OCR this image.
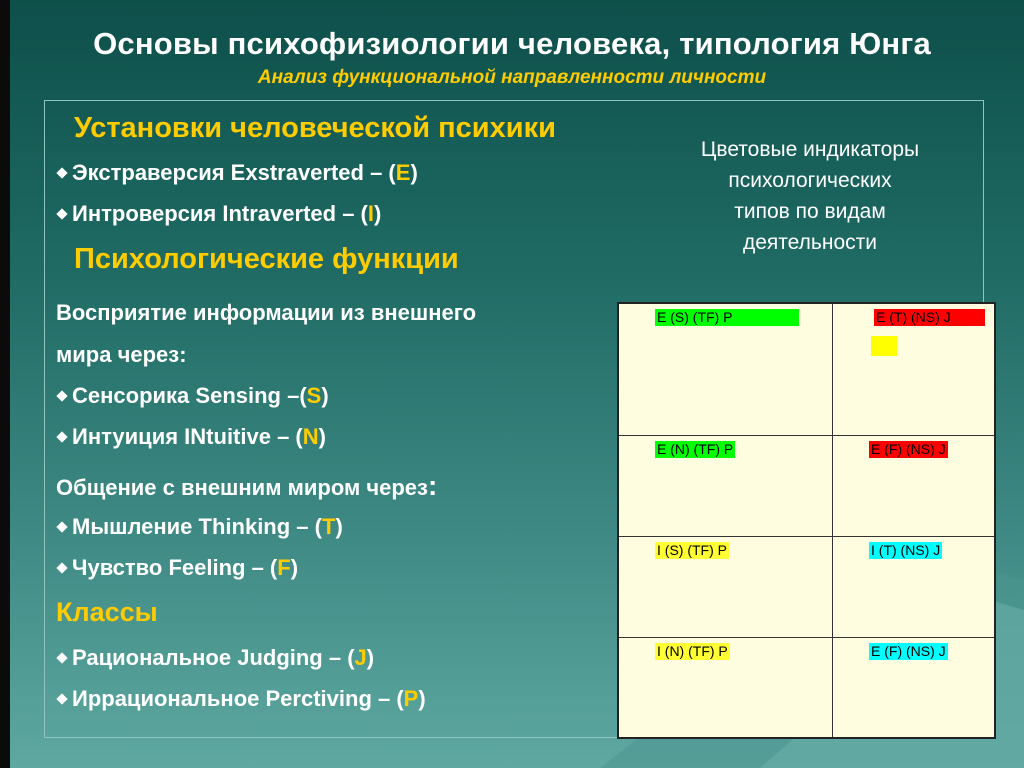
Основы психофизиологии человека, типология Юнга
Анализ функциональной направленности личности
Установки человеческой психики
Экстраверсия Exstraverted – (E)
Интроверсия Intraverted – (I)
Психологические функции
Восприятие информации из внешнего
мира через:
Сенсорика Sensing –(S)
Интуиция INtuitive – (N)
Общение с внешним миром через:
Мышление Thinking – (T)
Чувство Feeling – (F)
Классы
Рациональное Judging – (J)
Иррациональное Perctiving – (P)
Цветовые индикаторы
психологических
типов по видам
деятельности
E (S) (TF) P	E (T) (NS) J
E (N) (TF) P	E (F) (NS) J
I (S) (TF) P	I (T) (NS) J
I (N) (TF) P	E (F) (NS) J
